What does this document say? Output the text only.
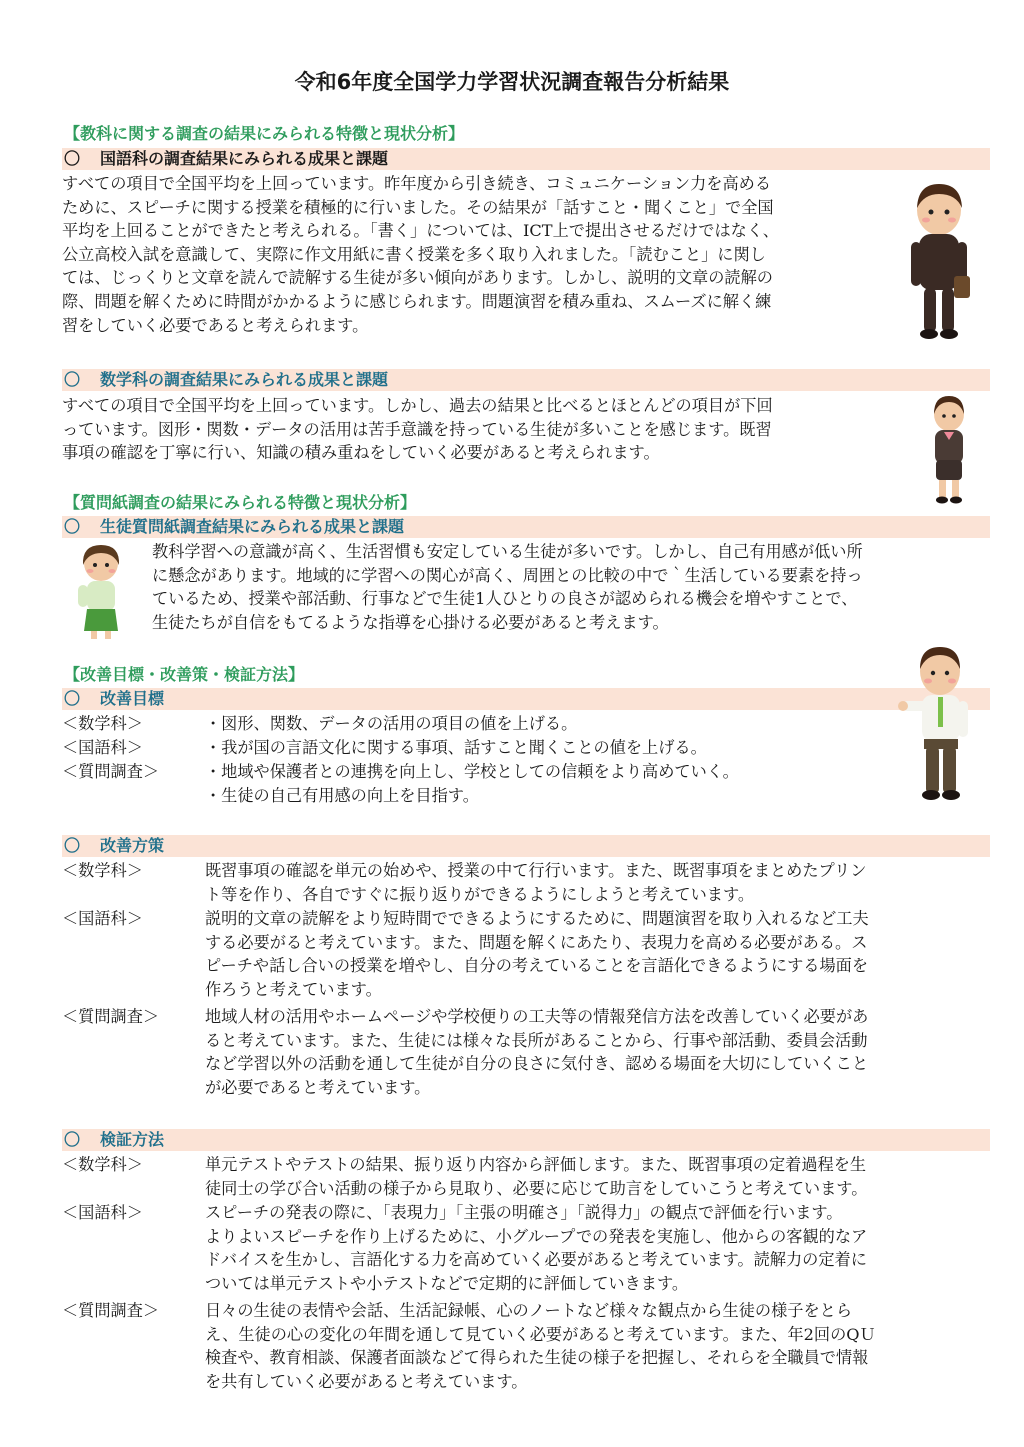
令和6年度全国学力学習状況調査報告分析結果
【教科に関する調査の結果にみられる特徴と現状分析】
〇 国語科の調査結果にみられる成果と課題
すべての項目で全国平均を上回っています。昨年度から引き続き、コミュニケーション力を高める
ために、スピーチに関する授業を積極的に行いました。その結果が「話すこと・聞くこと」で全国
平均を上回ることができたと考えられる。「書く」については、ICT上で提出させるだけではなく、
公立高校入試を意識して、実際に作文用紙に書く授業を多く取り入れました。「読むこと」に関し
ては、じっくりと文章を読んで読解する生徒が多い傾向があります。しかし、説明的文章の読解の
際、問題を解くために時間がかかるように感じられます。問題演習を積み重ね、スムーズに解く練
習をしていく必要であると考えられます。
〇 数学科の調査結果にみられる成果と課題
すべての項目で全国平均を上回っています。しかし、過去の結果と比べるとほとんどの項目が下回
っています。図形・関数・データの活用は苦手意識を持っている生徒が多いことを感じます。既習
事項の確認を丁寧に行い、知識の積み重ねをしていく必要があると考えられます。
【質問紙調査の結果にみられる特徴と現状分析】
〇 生徒質問紙調査結果にみられる成果と課題
教科学習への意識が高く、生活習慣も安定している生徒が多いです。しかし、自己有用感が低い所
に懸念があります。地域的に学習への関心が高く、周囲との比較の中で｀生活している要素を持っ
ているため、授業や部活動、行事などで生徒1人ひとりの良さが認められる機会を増やすことで、
生徒たちが自信をもてるような指導を心掛ける必要があると考えます。
【改善目標・改善策・検証方法】
〇 改善目標
＜数学科＞	・図形、関数、データの活用の項目の値を上げる。
＜国語科＞	・我が国の言語文化に関する事項、話すこと聞くことの値を上げる。
＜質問調査＞	・地域や保護者との連携を向上し、学校としての信頼をより高めていく。
・生徒の自己有用感の向上を目指す。
〇 改善方策
＜数学科＞	既習事項の確認を単元の始めや、授業の中て行行います。また、既習事項をまとめたプリン
ト等を作り、各自ですぐに振り返りができるようにしようと考えています。
＜国語科＞	説明的文章の読解をより短時間でできるようにするために、問題演習を取り入れるなど工夫
する必要がると考えています。また、問題を解くにあたり、表現力を高める必要がある。ス
ピーチや話し合いの授業を増やし、自分の考えていることを言語化できるようにする場面を
作ろうと考えています。
＜質問調査＞	地域人材の活用やホームページや学校便りの工夫等の情報発信方法を改善していく必要があ
ると考えています。また、生徒には様々な長所があることから、行事や部活動、委員会活動
など学習以外の活動を通して生徒が自分の良さに気付き、認める場面を大切にしていくこと
が必要であると考えています。
〇 検証方法
＜数学科＞	単元テストやテストの結果、振り返り内容から評価します。また、既習事項の定着過程を生
徒同士の学び合い活動の様子から見取り、必要に応じて助言をしていこうと考えています。
＜国語科＞	スピーチの発表の際に、「表現力」「主張の明確さ」「説得力」の観点で評価を行います。
よりよいスピーチを作り上げるために、小グループでの発表を実施し、他からの客観的なア
ドバイスを生かし、言語化する力を高めていく必要があると考えています。読解力の定着に
ついては単元テストや小テストなどで定期的に評価していきます。
＜質問調査＞	日々の生徒の表情や会話、生活記録帳、心のノートなど様々な観点から生徒の様子をとら
え、生徒の心の変化の年間を通して見ていく必要があると考えています。また、年2回のQＵ
検査や、教育相談、保護者面談などて得られた生徒の様子を把握し、それらを全職員で情報
を共有していく必要があると考えています。
